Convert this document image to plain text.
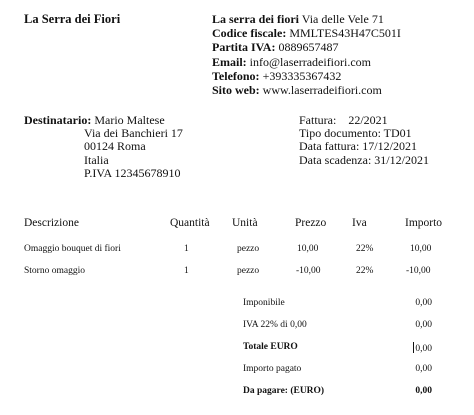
La Serra dei Fiori	La serra dei fiori Via delle Vele 71
Codice fiscale: MMLTES43H47C501I
Partita IVA: 0889657487
Email: info@laserradeifiori.com
Telefono: +393335367432
Sito web: www.laserradeifiori.com
Destinatario: Mario Maltese
Via dei Banchieri 17
00124 Roma
Italia
P.IVA 12345678910
Fattura:    22/2021
Tipo documento: TD01
Data fattura: 17/12/2021
Data scadenza: 31/12/2021
Descrizione	Quantità Unità	Prezzo Iva	Importo
Omaggio bouquet di fiori	1	pezzo	10,00	22%	10,00
Storno omaggio	1	pezzo	-10,00	22%	-10,00
Imponibile	0,00
IVA 22% di 0,00	0,00
Totale EURO	0,00
Importo pagato	0,00
Da pagare: (EURO)	0,00
